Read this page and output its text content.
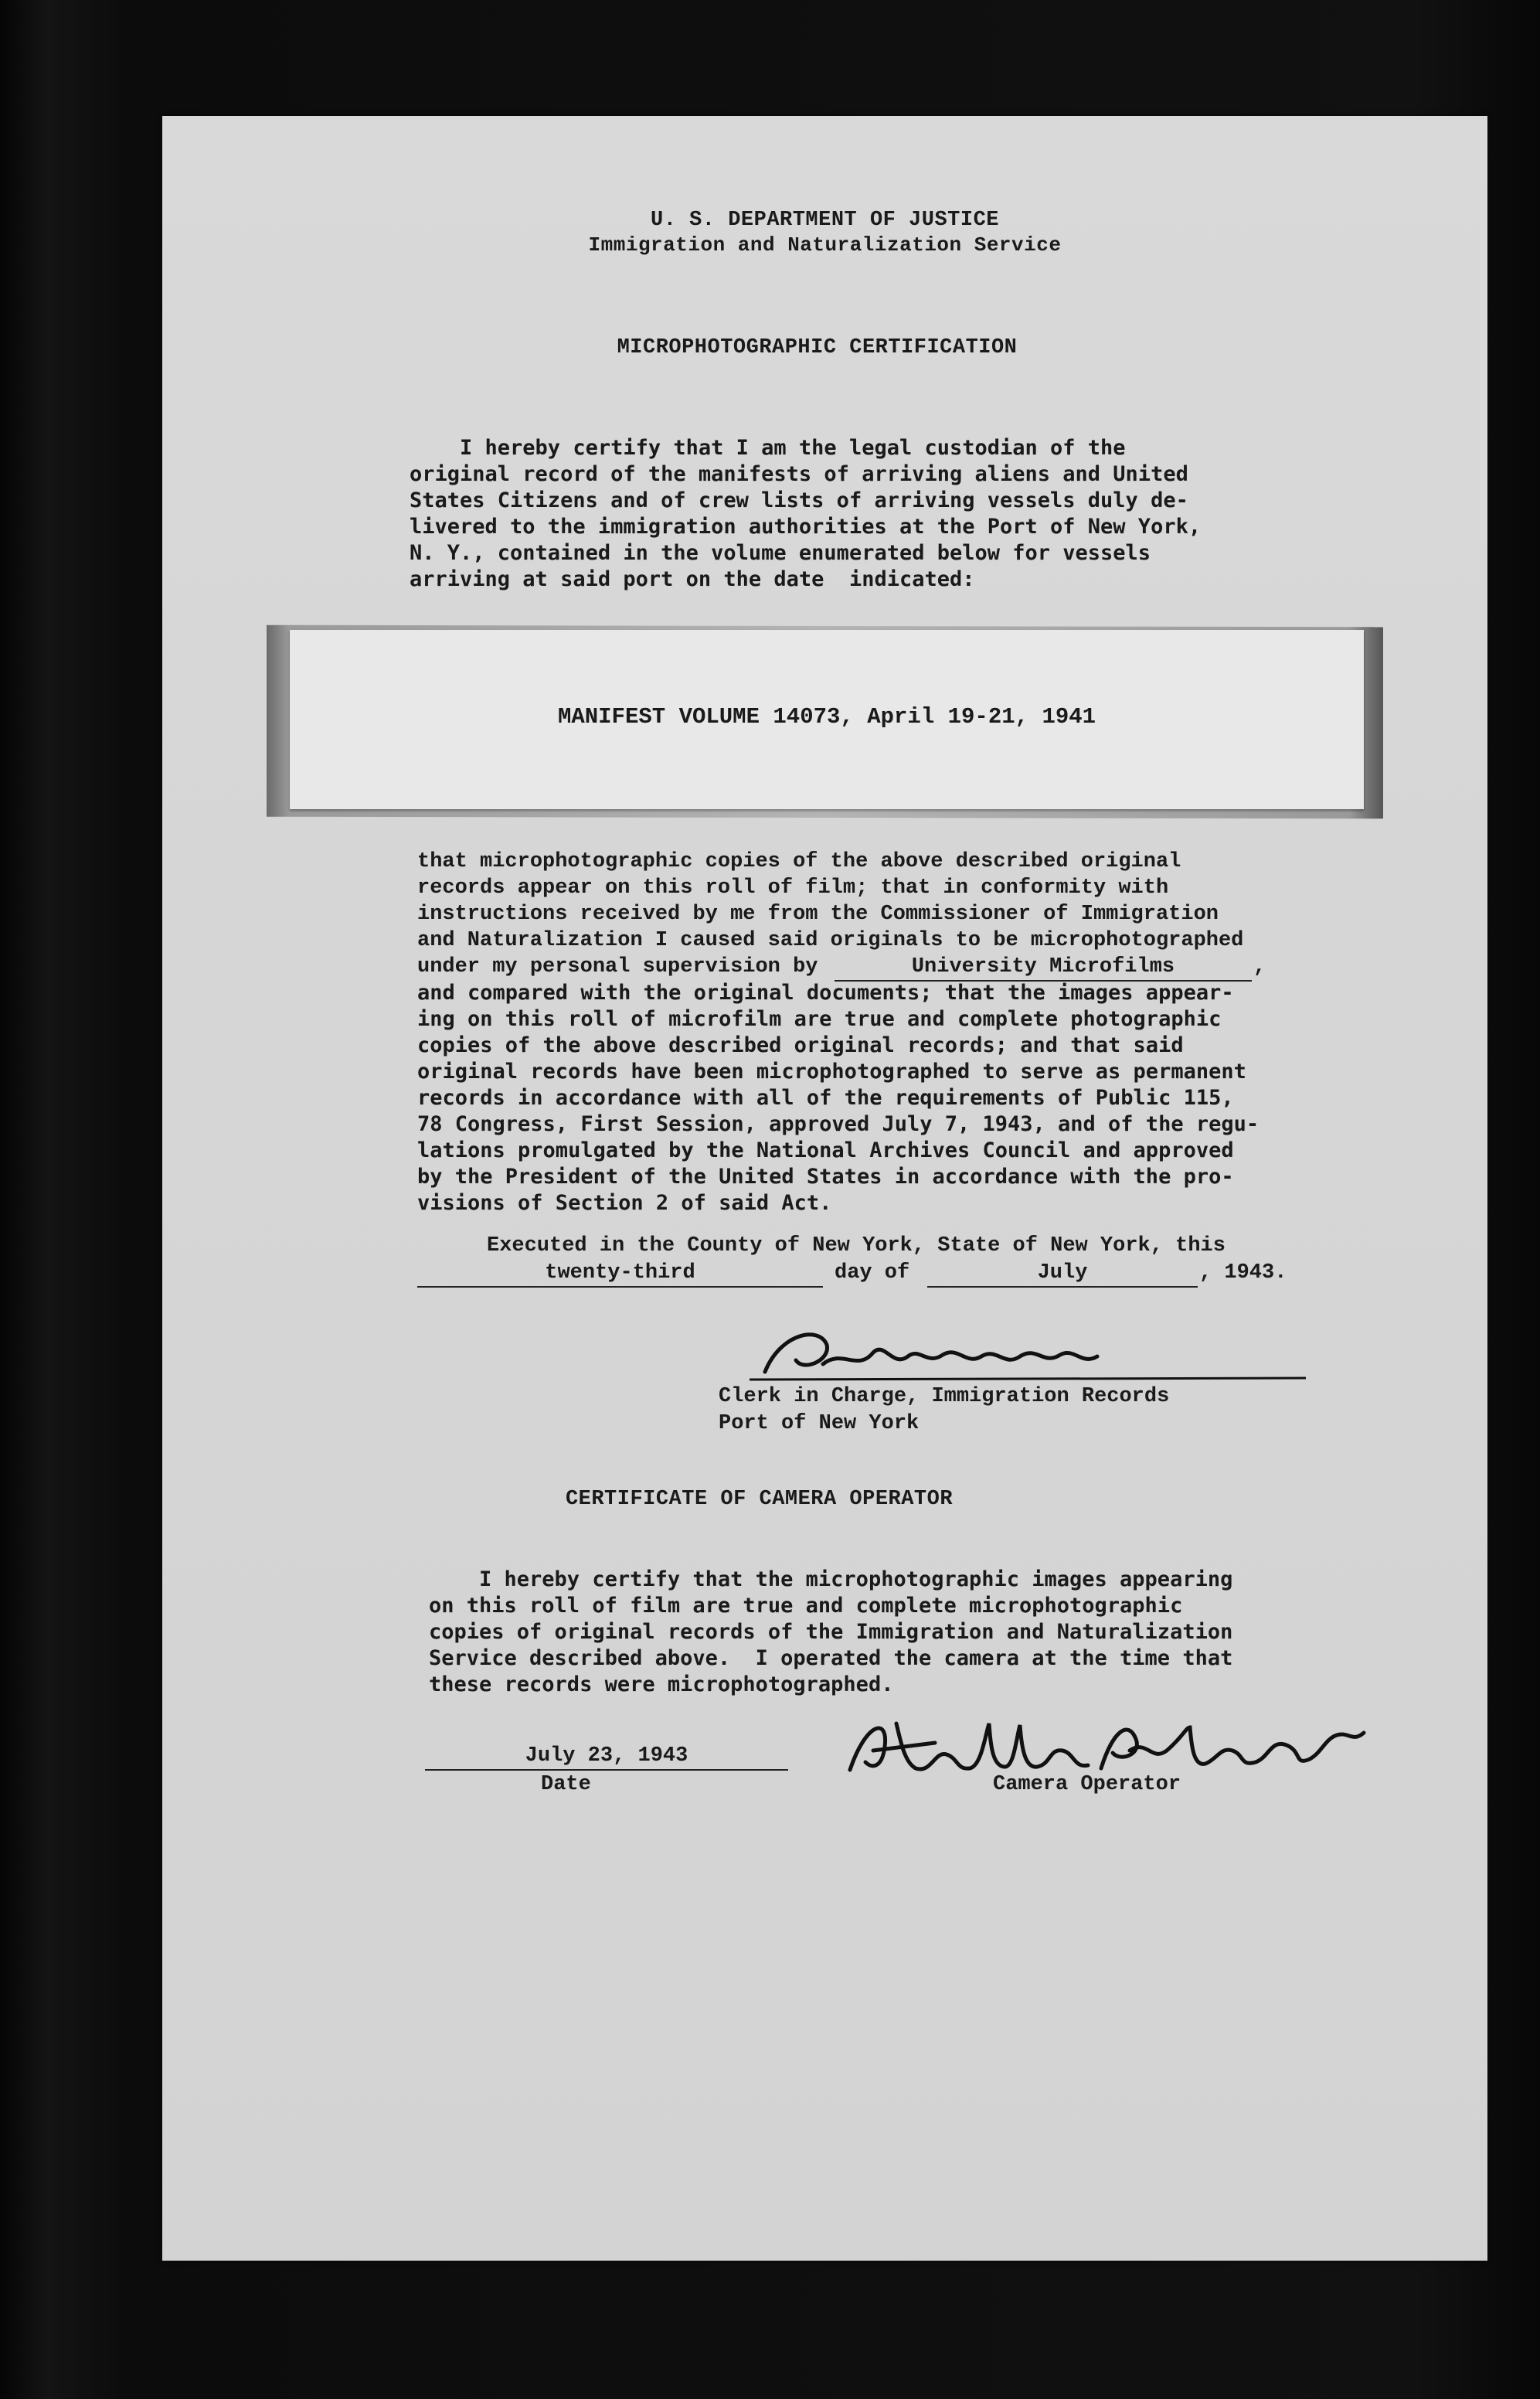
U. S. DEPARTMENT OF JUSTICE
Immigration and Naturalization Service
MICROPHOTOGRAPHIC CERTIFICATION
I hereby certify that I am the legal custodian of the
original record of the manifests of arriving aliens and United
States Citizens and of crew lists of arriving vessels duly de-
livered to the immigration authorities at the Port of New York,
N. Y., contained in the volume enumerated below for vessels
arriving at said port on the date  indicated:
MANIFEST VOLUME 14073, April 19-21, 1941
that microphotographic copies of the above described original
records appear on this roll of film; that in conformity with
instructions received by me from the Commissioner of Immigration
and Naturalization I caused said originals to be microphotographed
under my personal supervision by	University Microfilms	,
and compared with the original documents; that the images appear-
ing on this roll of microfilm are true and complete photographic
copies of the above described original records; and that said
original records have been microphotographed to serve as permanent
records in accordance with all of the requirements of Public 115,
78 Congress, First Session, approved July 7, 1943, and of the regu-
lations promulgated by the National Archives Council and approved
by the President of the United States in accordance with the pro-
visions of Section 2 of said Act.
Executed in the County of New York, State of New York, this
twenty-third	day of	July	, 1943.
Clerk in Charge, Immigration Records
Port of New York
CERTIFICATE OF CAMERA OPERATOR
I hereby certify that the microphotographic images appearing
on this roll of film are true and complete microphotographic
copies of original records of the Immigration and Naturalization
Service described above.  I operated the camera at the time that
these records were microphotographed.
July 23, 1943
Date	Camera Operator
